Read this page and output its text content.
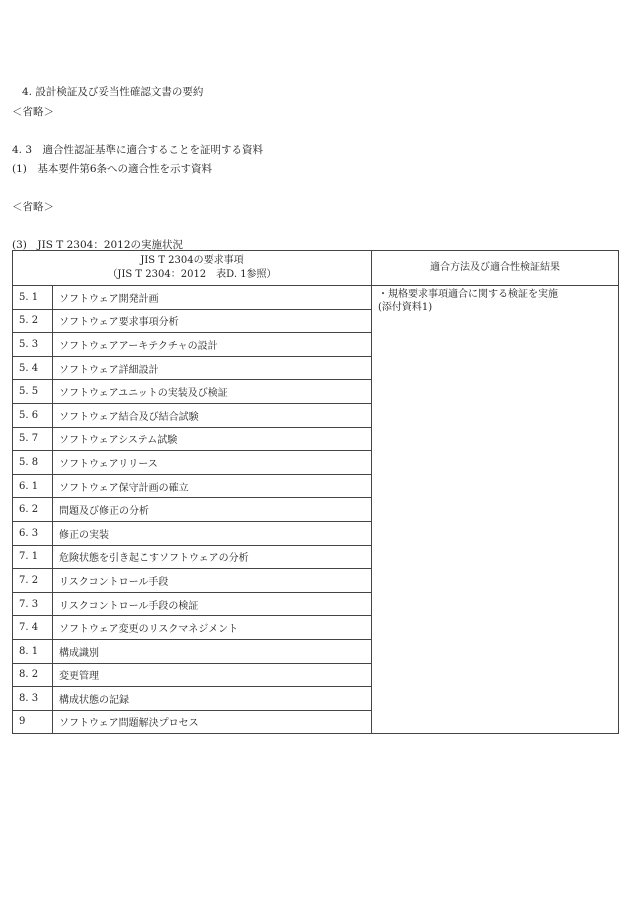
4. 設計検証及び妥当性確認文書の要約
＜省略＞
4. 3　適合性認証基準に適合することを証明する資料
(1)　基本要件第6条への適合性を示す資料
＜省略＞
(3)　JIS T 2304：2012の実施状況
JIS T 2304の要求事項
（JIS T 2304：2012　表D. 1参照）		適合方法及び適合性検証結果
5. 1	ソフトウェア開発計画	・規格要求事項適合に関する検証を実施
(添付資料1)
5. 2	ソフトウェア要求事項分析	
5. 3	ソフトウェアアーキテクチャの設計	
5. 4	ソフトウェア詳細設計	
5. 5	ソフトウェアユニットの実装及び検証	
5. 6	ソフトウェア結合及び結合試験	
5. 7	ソフトウェアシステム試験	
5. 8	ソフトウェアリリース	
6. 1	ソフトウェア保守計画の確立	
6. 2	問題及び修正の分析	
6. 3	修正の実装	
7. 1	危険状態を引き起こすソフトウェアの分析	
7. 2	リスクコントロール手段	
7. 3	リスクコントロール手段の検証	
7. 4	ソフトウェア変更のリスクマネジメント	
8. 1	構成識別	
8. 2	変更管理	
8. 3	構成状態の記録	
9	ソフトウェア問題解決プロセス	
